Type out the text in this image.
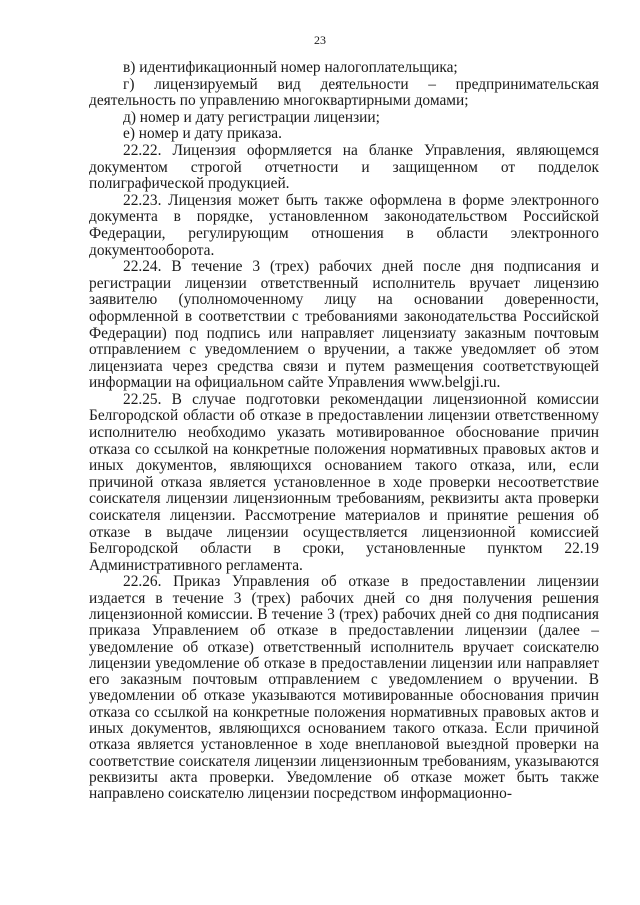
23

в) идентификационный номер налогоплательщика;

г) лицензируемый вид деятельности – предпринимательская деятельность по управлению многоквартирными домами;

д) номер и дату регистрации лицензии;

е) номер и дату приказа.

22.22. Лицензия оформляется на бланке Управления, являющемся документом строгой отчетности и защищенном от подделок полиграфической продукцией.

22.23. Лицензия может быть также оформлена в форме электронного документа в порядке, установленном законодательством Российской Федерации, регулирующим отношения в области электронного документооборота.

22.24. В течение 3 (трех) рабочих дней после дня подписания и регистрации лицензии ответственный исполнитель вручает лицензию заявителю (уполномоченному лицу на основании доверенности, оформленной в соответствии с требованиями законодательства Российской Федерации) под подпись или направляет лицензиату заказным почтовым отправлением с уведомлением о вручении, а также уведомляет об этом лицензиата через средства связи и путем размещения соответствующей информации на официальном сайте Управления www.belgji.ru.

22.25. В случае подготовки рекомендации лицензионной комиссии Белгородской области об отказе в предоставлении лицензии ответственному исполнителю необходимо указать мотивированное обоснование причин отказа со ссылкой на конкретные положения нормативных правовых актов и иных документов, являющихся основанием такого отказа, или, если причиной отказа является установленное в ходе проверки несоответствие соискателя лицензии лицензионным требованиям, реквизиты акта проверки соискателя лицензии. Рассмотрение материалов и принятие решения об отказе в выдаче лицензии осуществляется лицензионной комиссией Белгородской области в сроки, установленные пунктом 22.19 Административного регламента.

22.26. Приказ Управления об отказе в предоставлении лицензии издается в течение 3 (трех) рабочих дней со дня получения решения лицензионной комиссии. В течение 3 (трех) рабочих дней со дня подписания приказа Управлением об отказе в предоставлении лицензии (далее – уведомление об отказе) ответственный исполнитель вручает соискателю лицензии уведомление об отказе в предоставлении лицензии или направляет его заказным почтовым отправлением с уведомлением о вручении. В уведомлении об отказе указываются мотивированные обоснования причин отказа со ссылкой на конкретные положения нормативных правовых актов и иных документов, являющихся основанием такого отказа. Если причиной отказа является установленное в ходе внеплановой выездной проверки на соответствие соискателя лицензии лицензионным требованиям, указываются реквизиты акта проверки. Уведомление об отказе может быть также направлено соискателю лицензии посредством информационно-
